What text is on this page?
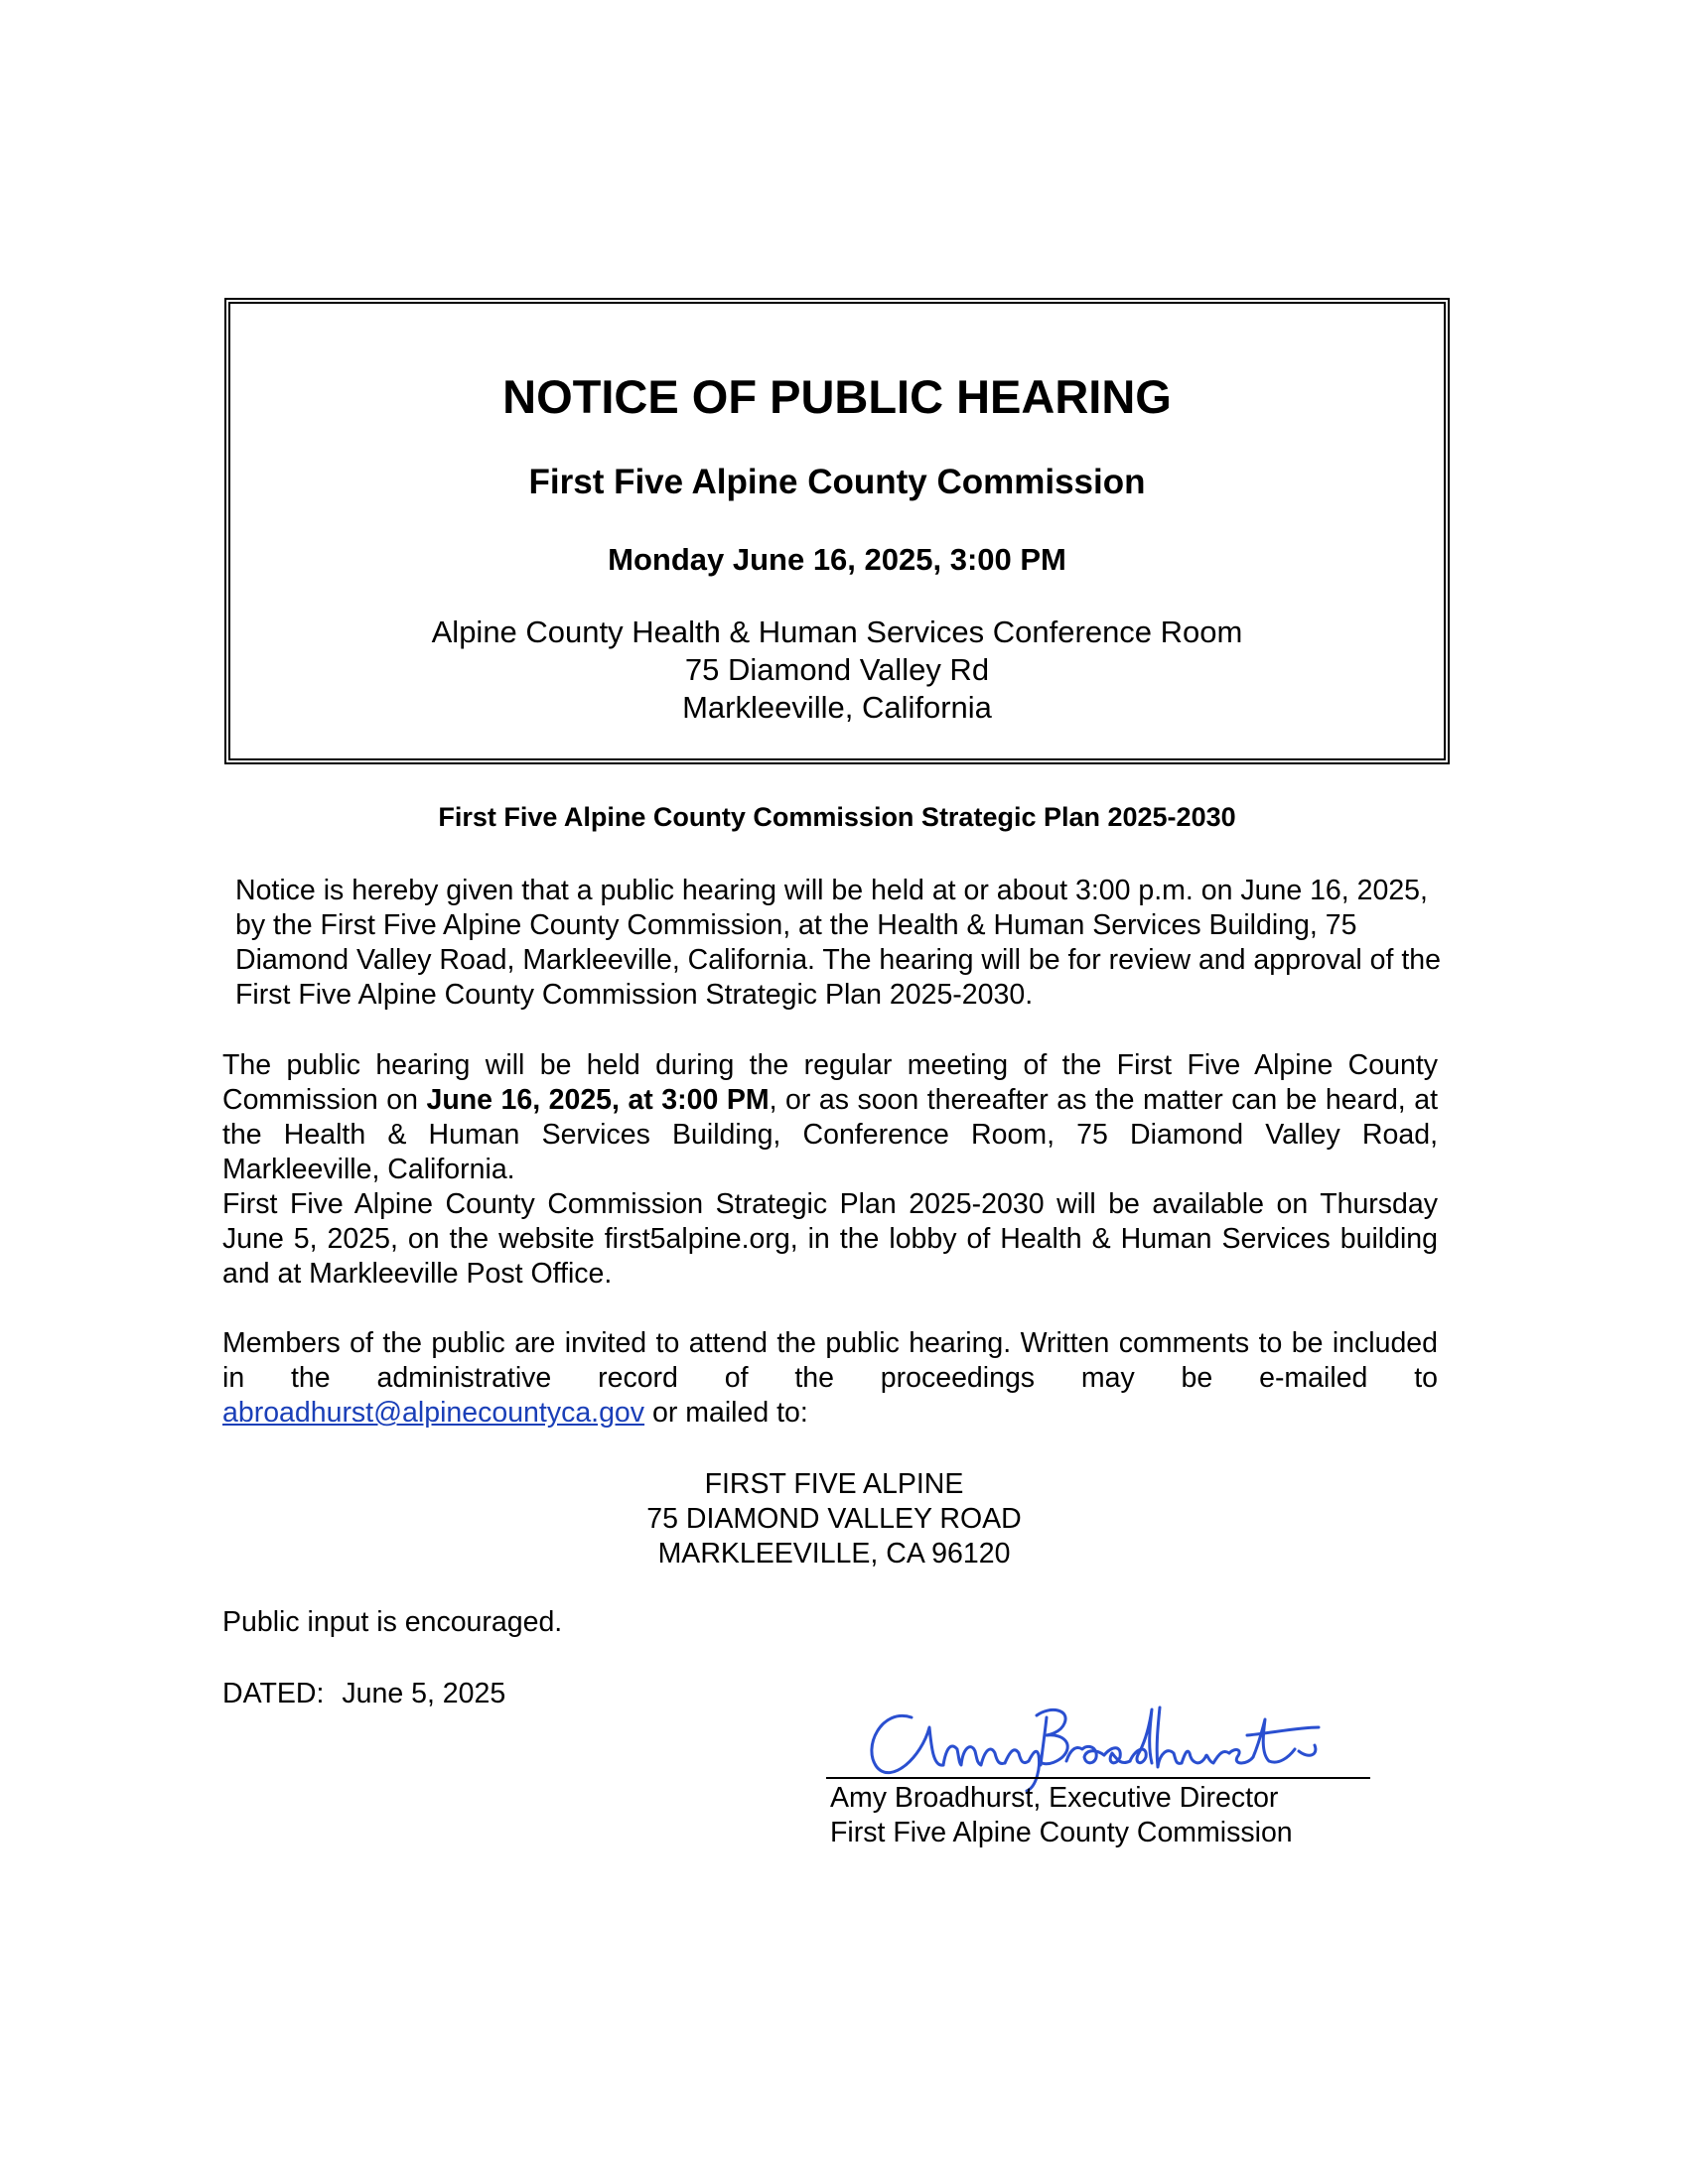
NOTICE OF PUBLIC HEARING
First Five Alpine County Commission
Monday June 16, 2025, 3:00 PM
Alpine County Health & Human Services Conference Room
75 Diamond Valley Rd
Markleeville, California
First Five Alpine County Commission Strategic Plan 2025-2030
Notice is hereby given that a public hearing will be held at or about 3:00 p.m. on June 16, 2025, by the First Five Alpine County Commission, at the Health & Human Services Building, 75 Diamond Valley Road, Markleeville, California. The hearing will be for review and approval of the First Five Alpine County Commission Strategic Plan 2025-2030.
The public hearing will be held during the regular meeting of the First Five Alpine County Commission on June 16, 2025, at 3:00 PM, or as soon thereafter as the matter can be heard, at the Health & Human Services Building, Conference Room, 75 Diamond Valley Road, Markleeville, California.
First Five Alpine County Commission Strategic Plan 2025-2030 will be available on Thursday June 5, 2025, on the website first5alpine.org, in the lobby of Health & Human Services building and at Markleeville Post Office.
Members of the public are invited to attend the public hearing. Written comments to be included in the administrative record of the proceedings may be e-mailed to abroadhurst@alpinecountyca.gov or mailed to:
FIRST FIVE ALPINE
75 DIAMOND VALLEY ROAD
MARKLEEVILLE, CA 96120
Public input is encouraged.
DATED: June 5, 2025
Amy Broadhurst, Executive Director
First Five Alpine County Commission
